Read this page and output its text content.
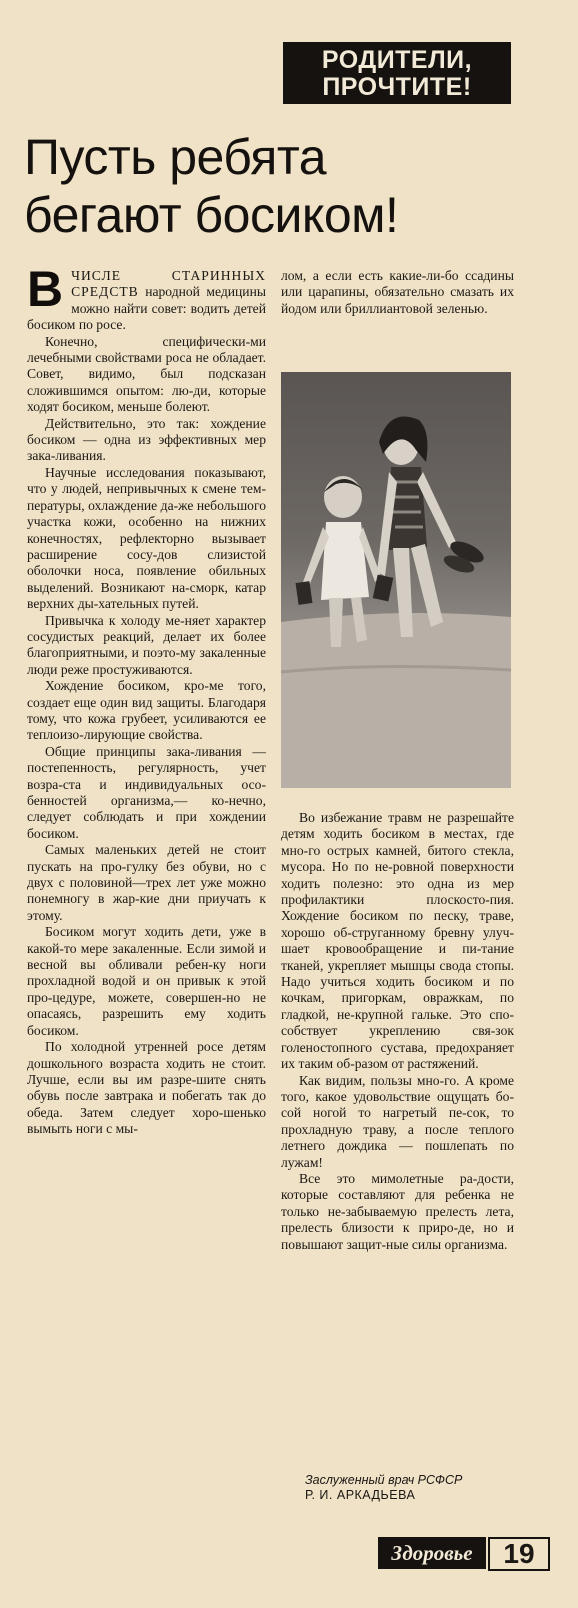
РОДИТЕЛИ,
ПРОЧТИТЕ!
Пусть ребята
бегают босиком!

ВЧИСЛЕ СТАРИННЫХ СРЕДСТВ народной медицины можно найти совет: водить детей босиком по росе.

Конечно, специфически-ми лечебными свойствами роса не обладает. Совет, видимо, был подсказан сложившимся опытом: лю-ди, которые ходят босиком, меньше болеют.

Действительно, это так: хождение босиком — одна из эффективных мер зака-ливания.

Научные исследования показывают, что у людей, непривычных к смене тем-пературы, охлаждение да-же небольшого участка кожи, особенно на нижних конечностях, рефлекторно вызывает расширение сосу-дов слизистой оболочки носа, появление обильных выделений. Возникают на-сморк, катар верхних ды-хательных путей.

Привычка к холоду ме-няет характер сосудистых реакций, делает их более благоприятными, и поэто-му закаленные люди реже простуживаются.

Хождение босиком, кро-ме того, создает еще один вид защиты. Благодаря тому, что кожа грубеет, усиливаются ее теплоизо-лирующие свойства.

Общие принципы зака-ливания — постепенность, регулярность, учет возра-ста и индивидуальных осо-бенностей организма,— ко-нечно, следует соблюдать и при хождении босиком.

Самых маленьких детей не стоит пускать на про-гулку без обуви, но с двух с половиной—трех лет уже можно понемногу в жар-кие дни приучать к этому.

Босиком могут ходить дети, уже в какой-то мере закаленные. Если зимой и весной вы обливали ребен-ку ноги прохладной водой и он привык к этой про-цедуре, можете, совершен-но не опасаясь, разрешить ему ходить босиком.

По холодной утренней росе детям дошкольного возраста ходить не стоит. Лучше, если вы им разре-шите снять обувь после завтрака и побегать так до обеда. Затем следует хоро-шенько вымыть ноги с мы-

лом, а если есть какие-ли-бо ссадины или царапины, обязательно смазать их йодом или бриллиантовой зеленью.

Во избежание травм не разрешайте детям ходить босиком в местах, где мно-го острых камней, битого стекла, мусора. Но по не-ровной поверхности ходить полезно: это одна из мер профилактики плоскосто-пия. Хождение босиком по песку, траве, хорошо об-струганному бревну улуч-шает кровообращение и пи-тание тканей, укрепляет мышцы свода стопы. Надо учиться ходить босиком и по кочкам, пригоркам, овражкам, по гладкой, не-крупной гальке. Это спо-собствует укреплению свя-зок голеностопного сустава, предохраняет их таким об-разом от растяжений.

Как видим, пользы мно-го. А кроме того, какое удовольствие ощущать бо-сой ногой то нагретый пе-сок, то прохладную траву, а после теплого летнего дождика — пошлепать по лужам!

Все это мимолетные ра-дости, которые составляют для ребенка не только не-забываемую прелесть лета, прелесть близости к приро-де, но и повышают защит-ные силы организма.

Заслуженный врач РСФСР
Р. И. АРКАДЬЕВА
Здоровье	19
